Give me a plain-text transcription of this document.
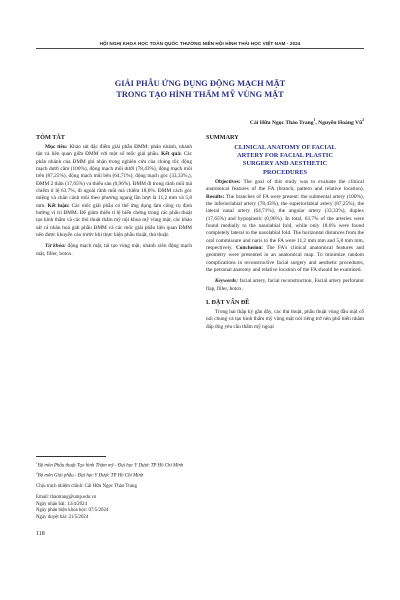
HỘI NGHỊ KHOA HỌC TOÀN QUỐC THƯỜNG NIÊN HỘI HÌNH THÁI HỌC VIỆT NAM - 2024
GIẢI PHẪU ỨNG DỤNG ĐỘNG MẠCH MẶT
TRONG TẠO HÌNH THẨM MỸ VÙNG MẶT
Cái Hữu Ngọc Thảo Trang$^1$, Nguyễn Hoàng $Vũ^2$
TÓM TẮT

Mục tiêu: Khảo sát đặc điểm giải phẫu ĐMM: phân nhánh, nhánh tận và liên quan giữa ĐMM với một số mốc giải phẫu. Kết quả: Các phân nhánh của ĐMM ghi nhận trong nghiên cứu của chúng tôi: động mạch dưới cằm (100%), động mạch môi dưới (78,43%), động mạch môi trên (87,25%), động mạch mũi bên (64,71%), động mạch góc (33,33%,), ĐMM 2 thân (17,65%) và thiểu sản (0,96%). ĐMM đi trong rãnh mũi má chiếm tỉ lệ 63.7%, đi ngoài rãnh mũi má chiếm 18,6%. ĐMM cách góc miệng và chân cánh mũi theo phương ngang lần lượt là 11,2 mm và 5,8 mm. Kết luận: Các mốc giải phẫu có thể ứng dụng làm công cụ định hướng vị trí ĐMM. Để giảm thiểu tỉ lệ biến chứng trong các phẫu thuật tạo hình thẩm và các thủ thuật thẩm mỹ nội khoa mỹ vùng mặt, các khảo sát cá nhân hoá giải phẫu ĐMM và các mốc giải phẫu liên quan ĐMM nên được khuyến cáo trước khi thực hiện phẫu thuật, thủ thuật.

Từ khóa: động mạch mặt, tái tạo vùng mặt, nhánh xiên động mạch mặt, filler, botox.

$^1$Bộ môn Phẫu thuật Tạo hình Thẩm mỹ - Đại học Y Dược TP Hồ Chí Minh
$^2$Bộ môn Giải phẫu - Đại học Y Dược TP Hồ Chí Minh
Chịu trách nhiệm chính: Cái Hữu Ngọc Thảo Trang
Email: thaotrang@ump.edu.vn
Ngày nhận bài: 13/4/2024
Ngày phản biện khoa học: 07/5/2024
Ngày duyệt bài: 21/5/2024
SUMMARY
CLINICAL ANATOMY OF FACIAL
ARTERY FOR FACIAL PLASTIC
SURGERY AND AESTHETIC
PROCEDURES

Objectives: The goal of this study was to evaluate the clinical anatomical features of the FA (branch, pattern and relative location). Results: The branches of FA were present: the submental artery (100%), the inferiorlabial artery (78,43%), the superiorlabial artery (87,25%), the lateral nasal artery (64,71%), the angular artery (33,33%), duplex (17,65%) and hypoplastic (0,96%). In total, 63,7% of the arteries were found medially to the nasolabial fold, while only 18.6% were found completely lateral to the nasolabial fold. The horizontal distances from the oral commissure and naris to the FA were 11,2 mm mm and 5,8 mm mm, respectively. Conclusion: The FA's clinical anatomical features and geometry were presented in an anatomical map. To minimize random complications in reconstructive facial surgery and aesthetic procedures, the personal anatomy and relative location of the FA should be examined.

Keywords: facial artery, facial reconstruction, Facial artery perforator flap, filler, botox.

I. ĐẶT VẤN ĐỀ

Trong hai thập kỷ gần đây, các thủ thuật, phẫu thuật vùng đầu mặt cổ nói chung và tạo hình thẩm mỹ vùng mặt nói riêng trở nên phổ biến nhằm đáp ứng yêu cầu thẩm mỹ ngoại

118
